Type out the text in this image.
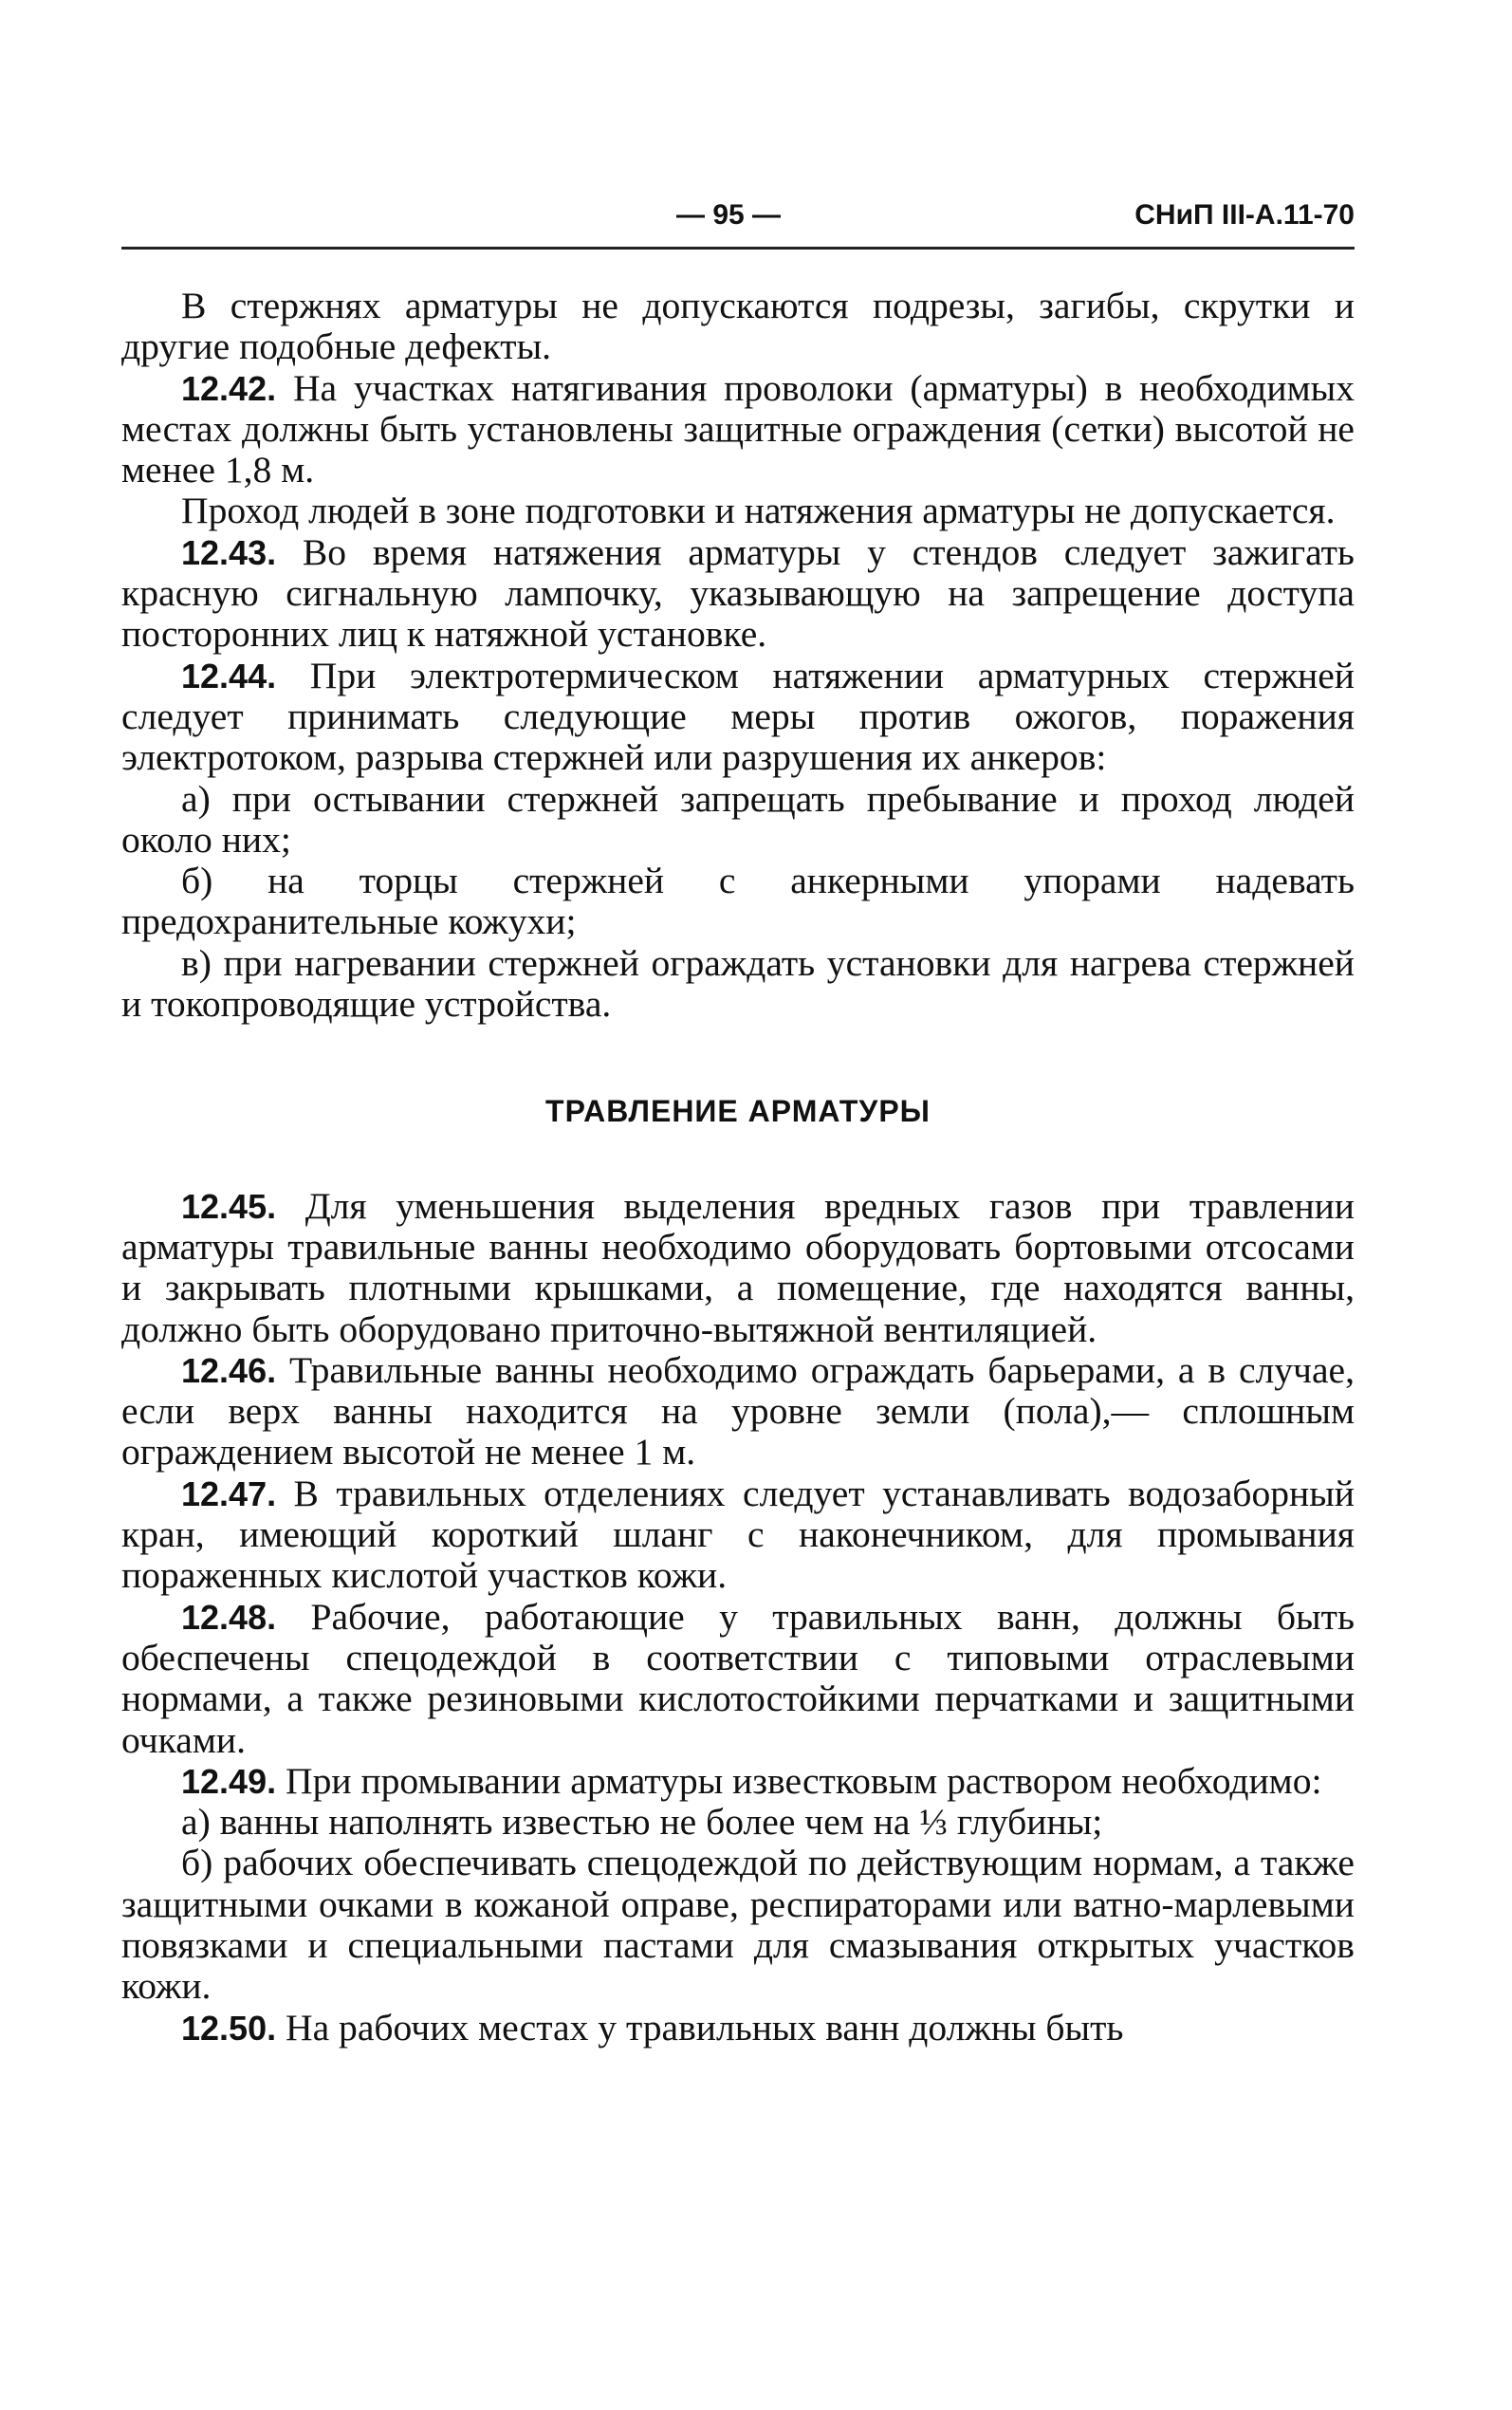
— 95 —	СНиП III-А.11-70

В стержнях арматуры не допускаются подрезы, загибы, скрутки и другие подобные дефекты.

12.42. На участках натягивания проволоки (арматуры) в необходимых местах должны быть установлены защитные ограждения (сетки) высотой не менее 1,8 м.

Проход людей в зоне подготовки и натяжения арматуры не допускается.

12.43. Во время натяжения арматуры у стендов следует зажигать красную сигнальную лампочку, указывающую на запрещение доступа посторонних лиц к натяжной установке.

12.44. При электротермическом натяжении арматурных стержней следует принимать следующие меры против ожогов, поражения электротоком, разрыва стержней или разрушения их анкеров:

а) при остывании стержней запрещать пребывание и проход людей около них;

б) на торцы стержней с анкерными упорами надевать предохранительные кожухи;

в) при нагревании стержней ограждать установки для нагрева стержней и токопроводящие устройства.

ТРАВЛЕНИЕ АРМАТУРЫ

12.45. Для уменьшения выделения вредных газов при травлении арматуры травильные ванны необходимо оборудовать бортовыми отсосами и закрывать плотными крышками, а помещение, где находятся ванны, должно быть оборудовано приточно-вытяжной вентиляцией.

12.46. Травильные ванны необходимо ограждать барьерами, а в случае, если верх ванны находится на уровне земли (пола),— сплошным ограждением высотой не менее 1 м.

12.47. В травильных отделениях следует устанавливать водозаборный кран, имеющий короткий шланг с наконечником, для промывания пораженных кислотой участков кожи.

12.48. Рабочие, работающие у травильных ванн, должны быть обеспечены спецодеждой в соответствии с типовыми отраслевыми нормами, а также резиновыми кислотостойкими перчатками и защитными очками.

12.49. При промывании арматуры известковым раствором необходимо:

а) ванны наполнять известью не более чем на ⅓ глубины;

б) рабочих обеспечивать спецодеждой по действующим нормам, а также защитными очками в кожаной оправе, респираторами или ватно-марлевыми повязками и специальными пастами для смазывания открытых участков кожи.

12.50. На рабочих местах у травильных ванн должны быть
